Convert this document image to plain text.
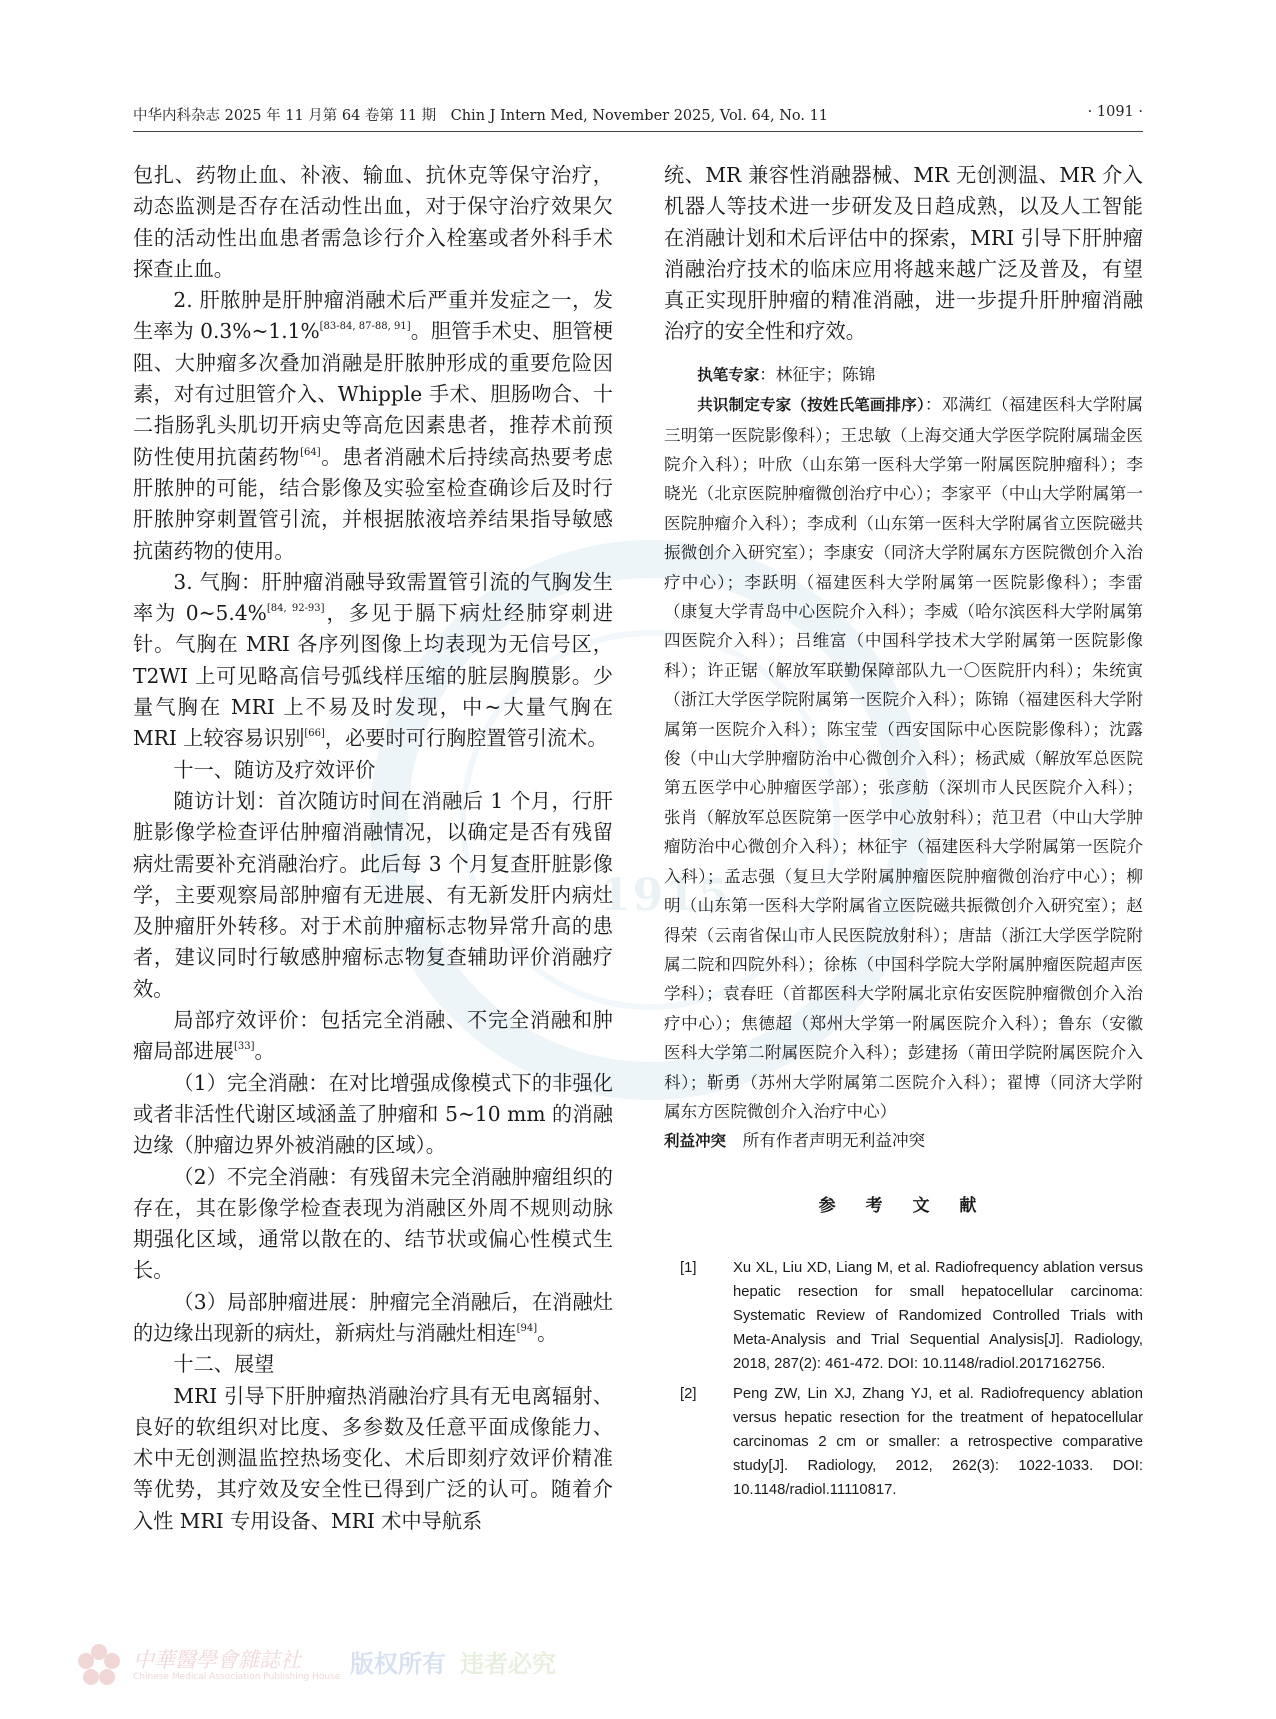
1915
中华内科杂志 2025 年 11 月第 64 卷第 11 期　Chin J Intern Med, November 2025, Vol. 64, No. 11	· 1091 ·

包扎、药物止血、补液、输血、抗休克等保守治疗，动态监测是否存在活动性出血，对于保守治疗效果欠佳的活动性出血患者需急诊行介入栓塞或者外科手术探查止血。

2. 肝脓肿是肝肿瘤消融术后严重并发症之一，发生率为 0.3%~1.1%[83-84, 87-88, 91]。胆管手术史、胆管梗阻、大肿瘤多次叠加消融是肝脓肿形成的重要危险因素，对有过胆管介入、Whipple 手术、胆肠吻合、十二指肠乳头肌切开病史等高危因素患者，推荐术前预防性使用抗菌药物[64]。患者消融术后持续高热要考虑肝脓肿的可能，结合影像及实验室检查确诊后及时行肝脓肿穿刺置管引流，并根据脓液培养结果指导敏感抗菌药物的使用。

3. 气胸：肝肿瘤消融导致需置管引流的气胸发生率为 0~5.4%[84, 92-93]，多见于膈下病灶经肺穿刺进针。气胸在 MRI 各序列图像上均表现为无信号区，T2WI 上可见略高信号弧线样压缩的脏层胸膜影。少量气胸在 MRI 上不易及时发现，中~大量气胸在 MRI 上较容易识别[66]，必要时可行胸腔置管引流术。

十一、随访及疗效评价

随访计划：首次随访时间在消融后 1 个月，行肝脏影像学检查评估肿瘤消融情况，以确定是否有残留病灶需要补充消融治疗。此后每 3 个月复查肝脏影像学，主要观察局部肿瘤有无进展、有无新发肝内病灶及肿瘤肝外转移。对于术前肿瘤标志物异常升高的患者，建议同时行敏感肿瘤标志物复查辅助评价消融疗效。

局部疗效评价：包括完全消融、不完全消融和肿瘤局部进展[33]。

（1）完全消融：在对比增强成像模式下的非强化或者非活性代谢区域涵盖了肿瘤和 5~10 mm 的消融边缘（肿瘤边界外被消融的区域）。

（2）不完全消融：有残留未完全消融肿瘤组织的存在，其在影像学检查表现为消融区外周不规则动脉期强化区域，通常以散在的、结节状或偏心性模式生长。

（3）局部肿瘤进展：肿瘤完全消融后，在消融灶的边缘出现新的病灶，新病灶与消融灶相连[94]。

十二、展望

MRI 引导下肝肿瘤热消融治疗具有无电离辐射、良好的软组织对比度、多参数及任意平面成像能力、术中无创测温监控热场变化、术后即刻疗效评价精准等优势，其疗效及安全性已得到广泛的认可。随着介入性 MRI 专用设备、MRI 术中导航系

统、MR 兼容性消融器械、MR 无创测温、MR 介入机器人等技术进一步研发及日趋成熟，以及人工智能在消融计划和术后评估中的探索，MRI 引导下肝肿瘤消融治疗技术的临床应用将越来越广泛及普及，有望真正实现肝肿瘤的精准消融，进一步提升肝肿瘤消融治疗的安全性和疗效。

执笔专家：林征宇；陈锦

共识制定专家（按姓氏笔画排序）：邓满红（福建医科大学附属三明第一医院影像科）；王忠敏（上海交通大学医学院附属瑞金医院介入科）；叶欣（山东第一医科大学第一附属医院肿瘤科）；李晓光（北京医院肿瘤微创治疗中心）；李家平（中山大学附属第一医院肿瘤介入科）；李成利（山东第一医科大学附属省立医院磁共振微创介入研究室）；李康安（同济大学附属东方医院微创介入治疗中心）；李跃明（福建医科大学附属第一医院影像科）；李雷（康复大学青岛中心医院介入科）；李威（哈尔滨医科大学附属第四医院介入科）；吕维富（中国科学技术大学附属第一医院影像科）；许正锯（解放军联勤保障部队九一〇医院肝内科）；朱统寅（浙江大学医学院附属第一医院介入科）；陈锦（福建医科大学附属第一医院介入科）；陈宝莹（西安国际中心医院影像科）；沈露俊（中山大学肿瘤防治中心微创介入科）；杨武威（解放军总医院第五医学中心肿瘤医学部）；张彦舫（深圳市人民医院介入科）；张肖（解放军总医院第一医学中心放射科）；范卫君（中山大学肿瘤防治中心微创介入科）；林征宇（福建医科大学附属第一医院介入科）；孟志强（复旦大学附属肿瘤医院肿瘤微创治疗中心）；柳明（山东第一医科大学附属省立医院磁共振微创介入研究室）；赵得荣（云南省保山市人民医院放射科）；唐喆（浙江大学医学院附属二院和四院外科）；徐栋（中国科学院大学附属肿瘤医院超声医学科）；袁春旺（首都医科大学附属北京佑安医院肿瘤微创介入治疗中心）；焦德超（郑州大学第一附属医院介入科）；鲁东（安徽医科大学第二附属医院介入科）；彭建扬（莆田学院附属医院介入科）；靳勇（苏州大学附属第二医院介入科）；翟博（同济大学附属东方医院微创介入治疗中心）

利益冲突　所有作者声明无利益冲突

参 考 文 献
[1] Xu XL, Liu XD, Liang M, et al. Radiofrequency ablation versus hepatic resection for small hepatocellular carcinoma: Systematic Review of Randomized Controlled Trials with Meta-Analysis and Trial Sequential Analysis[J]. Radiology, 2018, 287(2): 461-472. DOI: 10.1148/radiol.2017162756.
[2] Peng ZW, Lin XJ, Zhang YJ, et al. Radiofrequency ablation versus hepatic resection for the treatment of hepatocellular carcinomas 2 cm or smaller: a retrospective comparative study[J]. Radiology, 2012, 262(3): 1022-1033. DOI: 10.1148/radiol.11110817.
中華醫學會雜誌社
Chinese Medical Association Publishing House 版权所有 违者必究
